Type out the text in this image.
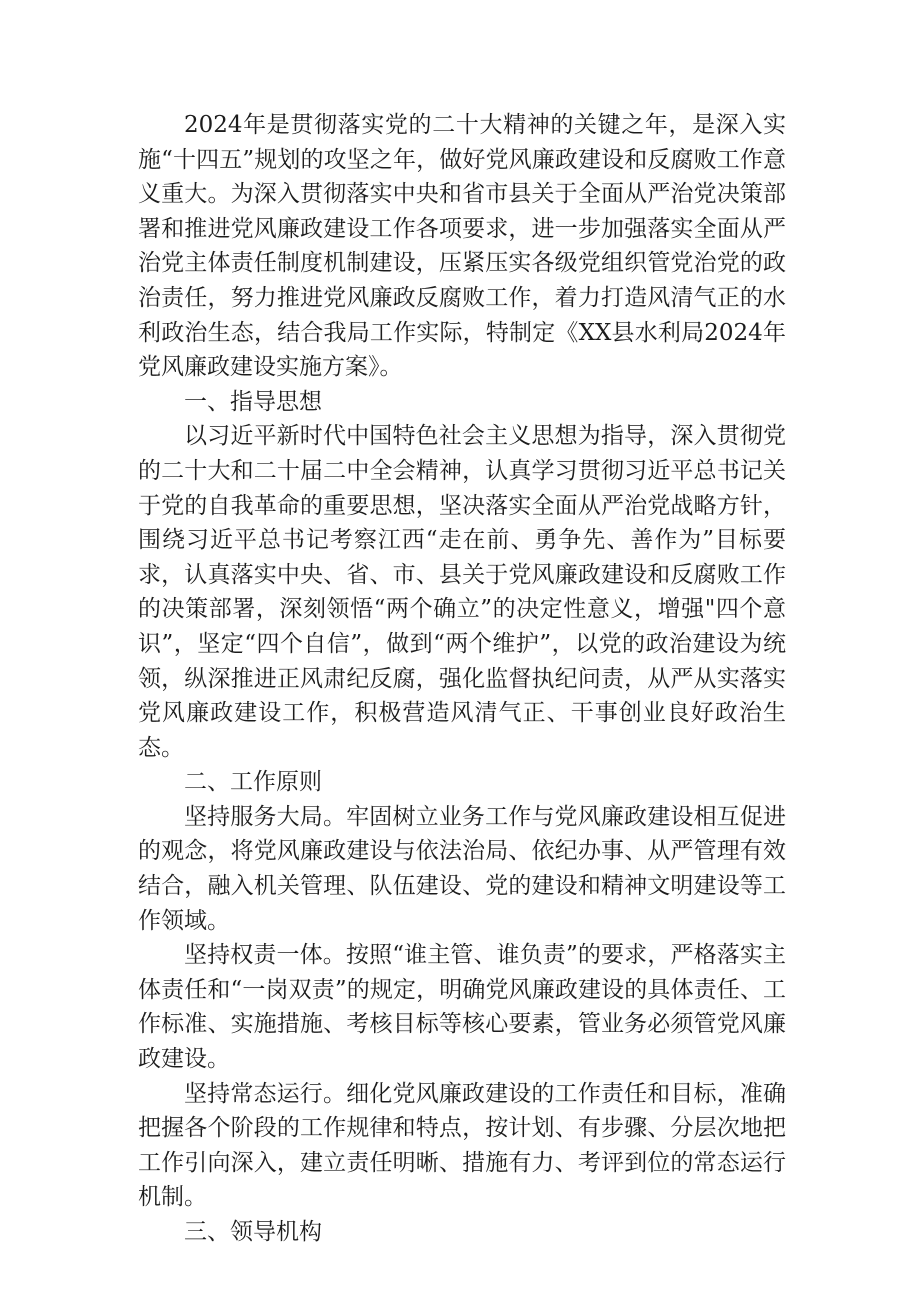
2024年是贯彻落实党的二十大精神的关键之年，是深入实施“十四五”规划的攻坚之年，做好党风廉政建设和反腐败工作意义重大。为深入贯彻落实中央和省市县关于全面从严治党决策部署和推进党风廉政建设工作各项要求，进一步加强落实全面从严治党主体责任制度机制建设，压紧压实各级党组织管党治党的政治责任，努力推进党风廉政反腐败工作，着力打造风清气正的水利政治生态，结合我局工作实际，特制定《XX县水利局2024年党风廉政建设实施方案》。

一、指导思想

以习近平新时代中国特色社会主义思想为指导，深入贯彻党的二十大和二十届二中全会精神，认真学习贯彻习近平总书记关于党的自我革命的重要思想，坚决落实全面从严治党战略方针，围绕习近平总书记考察江西“走在前、勇争先、善作为”目标要求，认真落实中央、省、市、县关于党风廉政建设和反腐败工作的决策部署，深刻领悟“两个确立”的决定性意义，增强"四个意识”，坚定“四个自信”，做到“两个维护”，以党的政治建设为统领，纵深推进正风肃纪反腐，强化监督执纪问责，从严从实落实党风廉政建设工作，积极营造风清气正、干事创业良好政治生态。

二、工作原则

坚持服务大局。牢固树立业务工作与党风廉政建设相互促进的观念，将党风廉政建设与依法治局、依纪办事、从严管理有效结合，融入机关管理、队伍建设、党的建设和精神文明建设等工作领域。

坚持权责一体。按照“谁主管、谁负责”的要求，严格落实主体责任和“一岗双责”的规定，明确党风廉政建设的具体责任、工作标准、实施措施、考核目标等核心要素，管业务必须管党风廉政建设。

坚持常态运行。细化党风廉政建设的工作责任和目标，准确把握各个阶段的工作规律和特点，按计划、有步骤、分层次地把工作引向深入，建立责任明晰、措施有力、考评到位的常态运行机制。

三、领导机构
